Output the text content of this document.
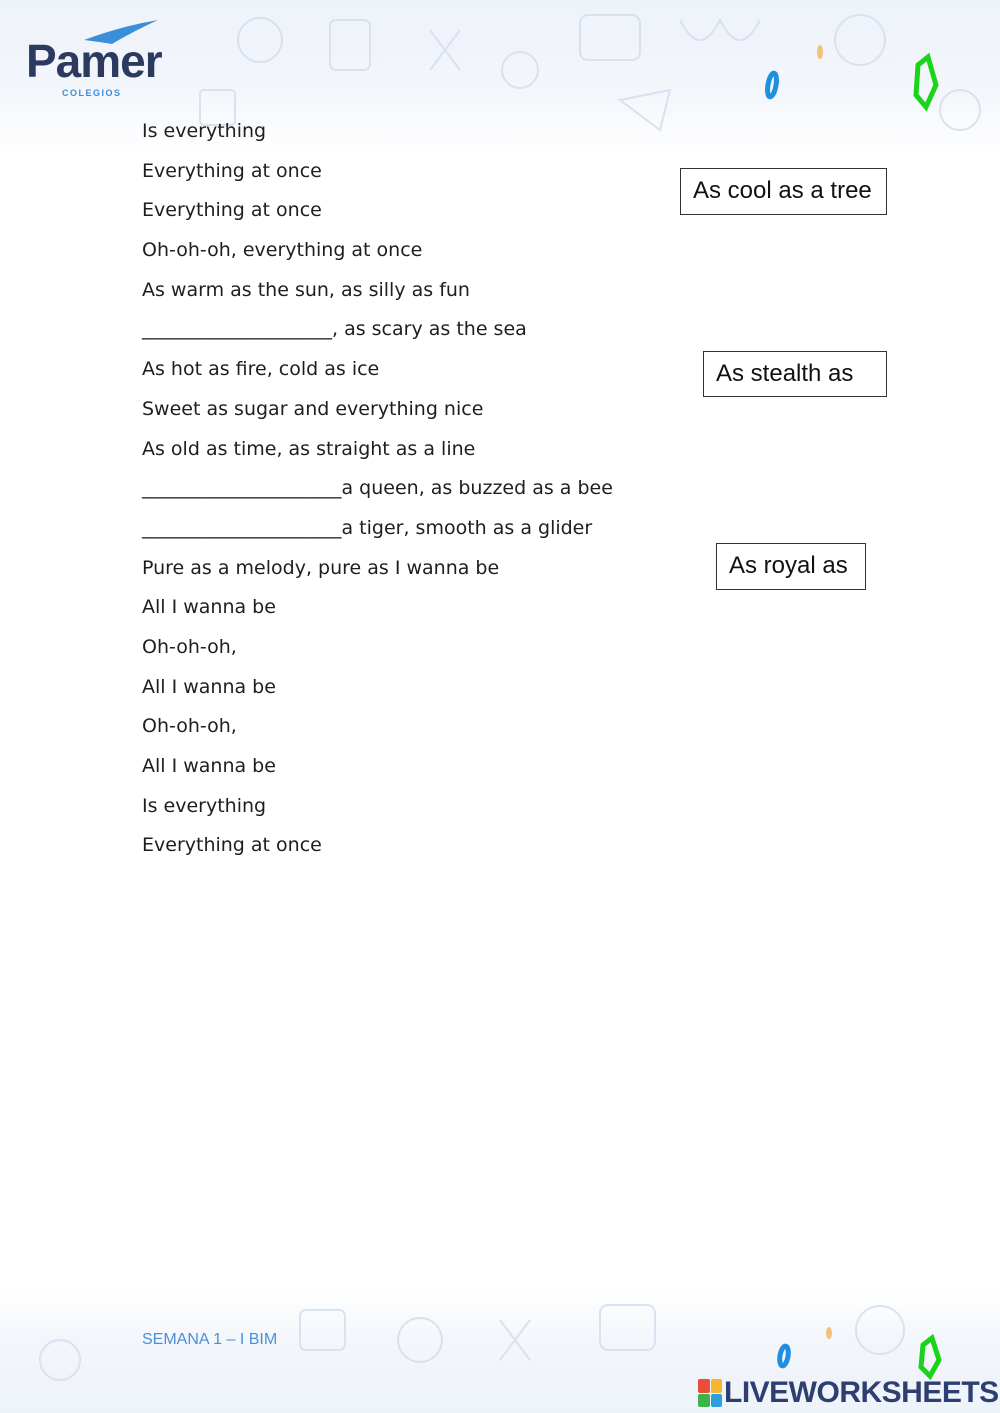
Pamer
COLEGIOS
Is everything
Everything at once
Everything at once
Oh-oh-oh, everything at once
As warm as the sun, as silly as fun
____________________, as scary as the sea
As hot as fire, cold as ice
Sweet as sugar and everything nice
As old as time, as straight as a line
_____________________a queen, as buzzed as a bee
_____________________a tiger, smooth as a glider
Pure as a melody, pure as I wanna be
All I wanna be
Oh-oh-oh,
All I wanna be
Oh-oh-oh,
All I wanna be
Is everything
Everything at once
As cool as a tree
As stealth as
As royal as
SEMANA 1 – I BIM
LIVEWORKSHEETS
